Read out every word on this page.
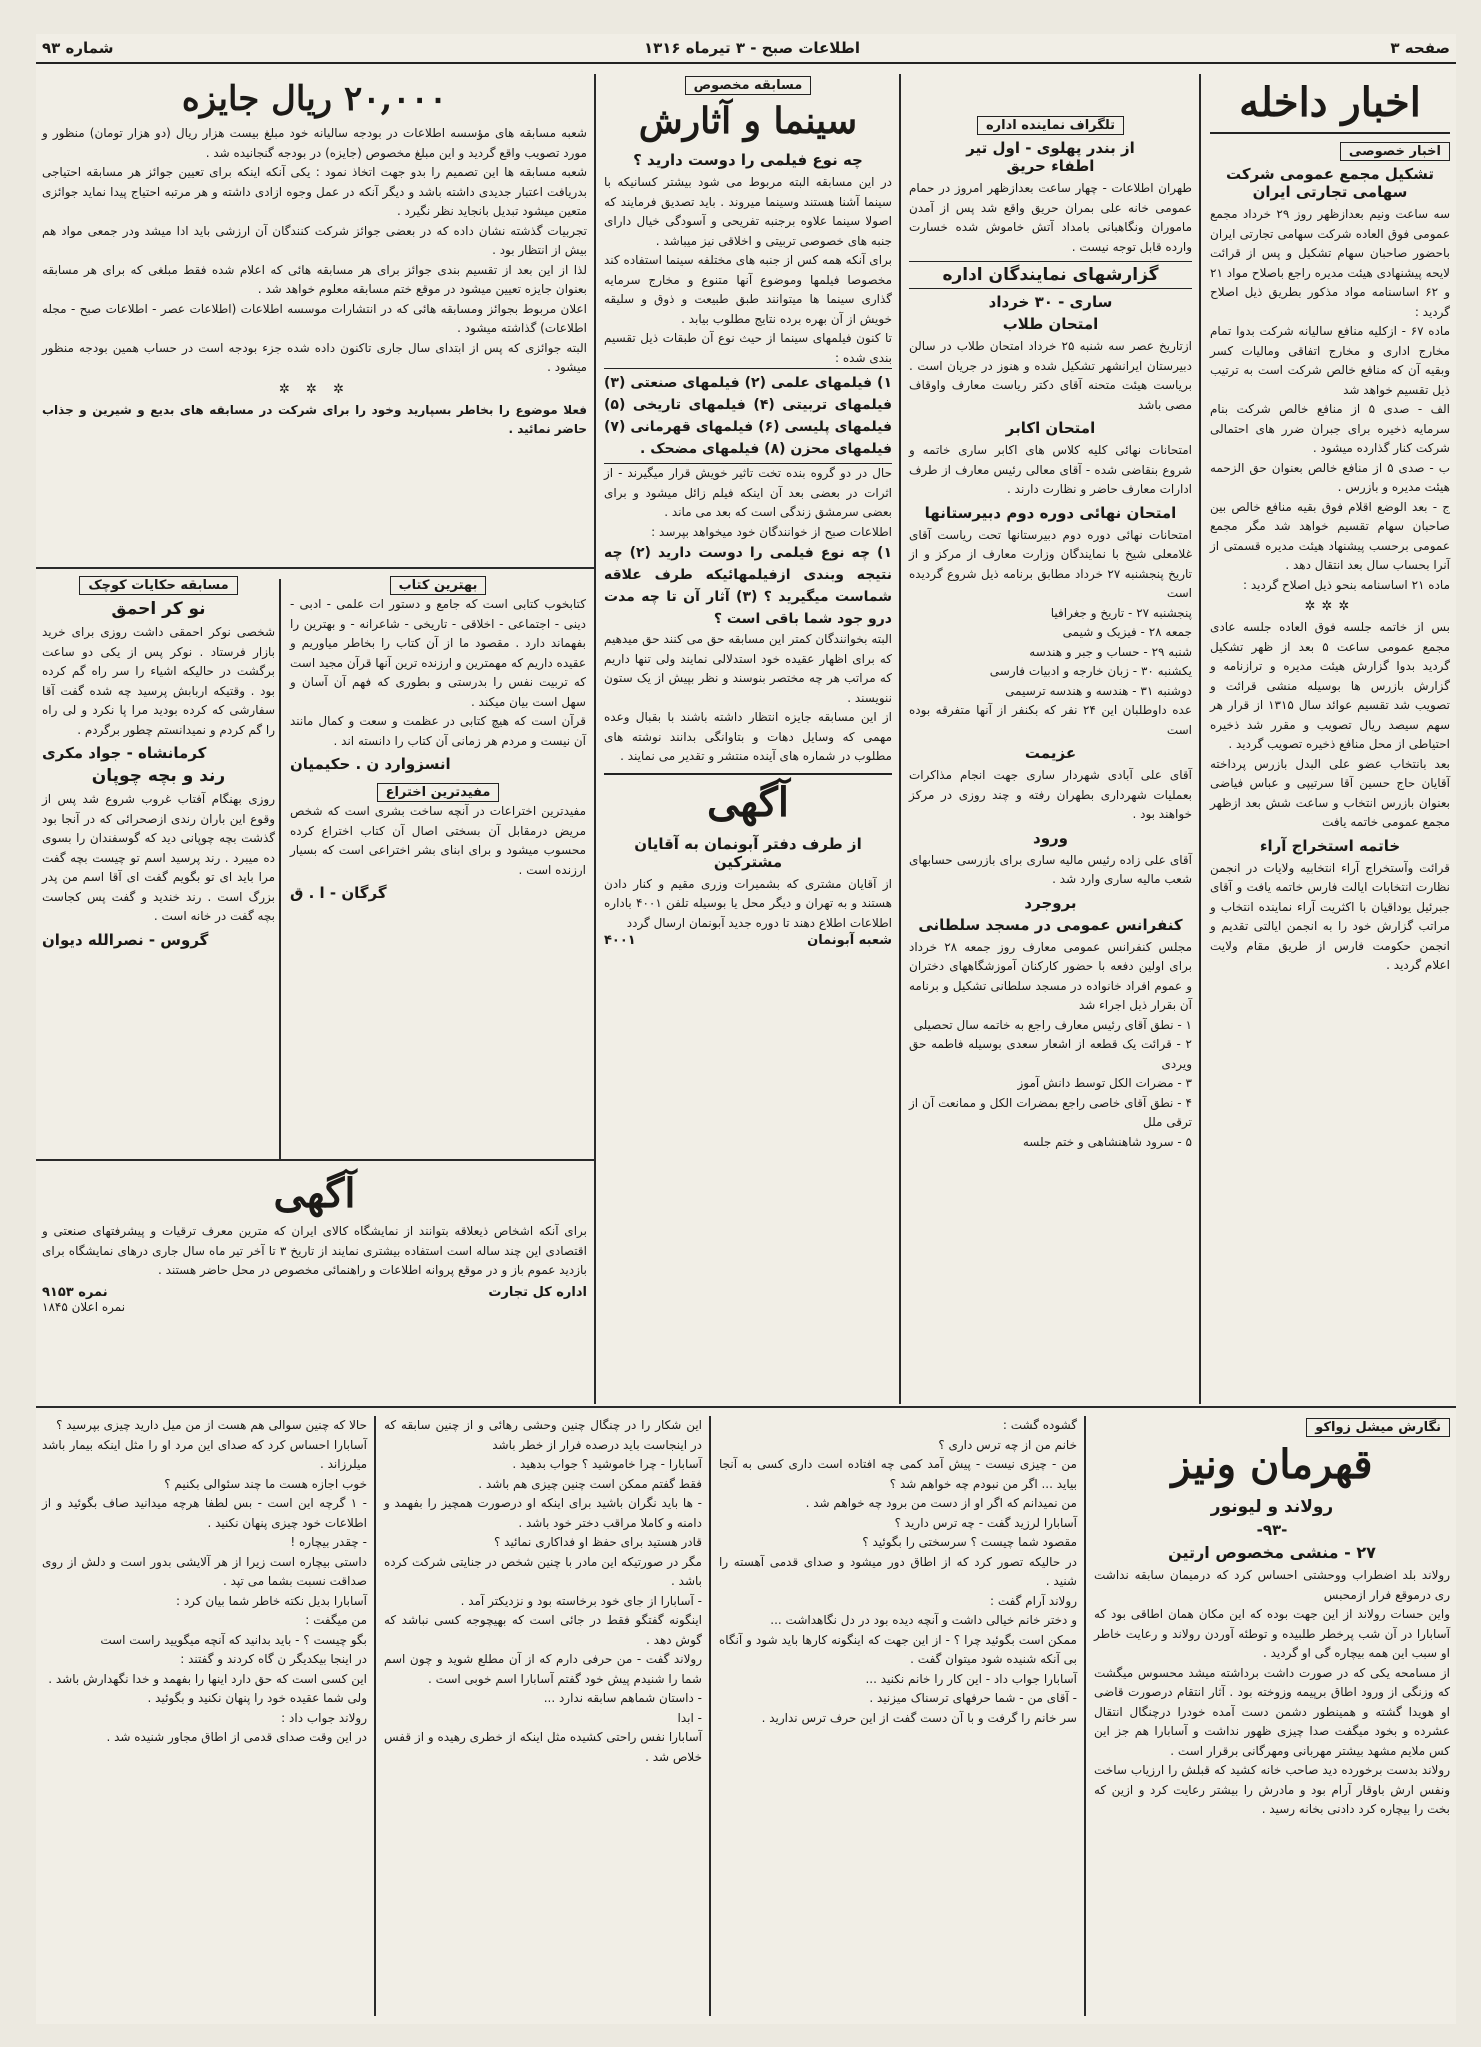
صفحه ۳
اطلاعات صبح - ۳ تیرماه ۱۳۱۶
شماره ۹۳
اخبار داخله
اخبار خصوصی
تشکیل مجمع عمومی شرکت سهامی تجارتی ایران
سه ساعت ونیم بعدازظهر روز ۲۹ خرداد مجمع عمومی فوق العاده شرکت سهامی تجارتی ایران باحضور صاحبان سهام تشکیل و پس از قرائت لایحه پیشنهادی هیئت مدیره راجع باصلاح مواد ۲۱ و ۶۲ اساسنامه مواد مذکور بطریق ذیل اصلاح گردید :
ماده ۶۷ - ازکلیه منافع سالیانه شرکت بدوا تمام مخارج اداری و مخارج اتفاقی ومالیات کسر وبقیه آن که منافع خالص شرکت است به ترتیب ذیل تقسیم خواهد شد
الف - صدی ۵ از منافع خالص شرکت بنام سرمایه ذخیره برای جبران ضرر های احتمالی شرکت کنار گذارده میشود .
ب - صدی ۵ از منافع خالص بعنوان حق الزحمه هیئت مدیره و بازرس .
ج - بعد الوضع اقلام فوق بقیه منافع خالص بین صاحبان سهام تقسیم خواهد شد مگر مجمع عمومی برحسب پیشنهاد هیئت مدیره قسمتی از آنرا بحساب سال بعد انتقال دهد .
ماده ۲۱ اساسنامه بنحو ذیل اصلاح گردید :
✲✲✲
بس از خاتمه جلسه فوق العاده جلسه عادی مجمع عمومی ساعت ۵ بعد از ظهر تشکیل گردید بدوا گزارش هیئت مدیره و ترازنامه و گزارش بازرس ها بوسیله منشی قرائت و تصویب شد تقسیم عوائد سال ۱۳۱۵ از قرار هر سهم سیصد ریال تصویب و مقرر شد ذخیره احتیاطی از محل منافع ذخیره تصویب گردید .
بعد بانتخاب عضو علی البدل بازرس پرداخته آقایان حاج حسین آقا سرتیپی و عباس فیاضی بعنوان بازرس انتخاب و ساعت شش بعد ازظهر مجمع عمومی خاتمه یافت
خاتمه استخراج آراء
قرائت وآستخراج آراء انتخابیه ولایات در انجمن نظارت انتخابات ایالت فارس خاتمه یافت و آقای جبرئیل یوداقیان با اکثریت آراء نماینده انتخاب و مراتب گزارش خود را به انجمن ایالتی تقدیم و انجمن حکومت فارس از طریق مقام ولایت اعلام گردید .
تلگراف نماینده اداره
از بندر پهلوی - اول تیر
اطفاء حریق
طهران اطلاعات - چهار ساعت بعدازظهر امروز در حمام عمومی خانه علی بمران حریق واقع شد پس از آمدن ماموران ونگاهبانی بامداد آتش خاموش شده خسارت وارده قابل توجه نیست .
گزارشهای نمایندگان اداره
ساری - ۳۰ خرداد
امتحان طلاب
ازتاریخ عصر سه شنبه ۲۵ خرداد امتحان طلاب در سالن دبیرستان ایرانشهر تشکیل شده و هنوز در جریان است . بریاست هیئت متحنه آقای دکتر ریاست معارف واوقاف مصی باشد
امتحان اکابر
امتحانات نهائی کلیه کلاس های اکابر ساری خاتمه و شروع بنقاضی شده - آقای معالی رئیس معارف از طرف ادارات معارف حاضر و نظارت دارند .
امتحان نهائی دوره دوم دبیرستانها
امتحانات نهائی دوره دوم دبیرستانها تحت ریاست آقای غلامعلی شیخ با نمایندگان وزارت معارف از مرکز و از تاریخ پنجشنبه ۲۷ خرداد مطابق برنامه ذیل شروع گردیده است
پنجشنبه ۲۷ - تاریخ و جغرافیا
جمعه ۲۸ - فیزیک و شیمی
شنبه ۲۹ - حساب و جبر و هندسه
یکشنبه ۳۰ - زبان خارجه و ادبیات فارسی
دوشنبه ۳۱ - هندسه و هندسه ترسیمی
عده داوطلبان این ۲۴ نفر که بکنفر از آنها متفرقه بوده است
عزیمت
آقای علی آبادی شهردار ساری جهت انجام مذاکرات بعملیات شهرداری بطهران رفته و چند روزی در مرکز خواهند بود .
ورود
آقای علی زاده رئیس مالیه ساری برای بازرسی حسابهای شعب مالیه ساری وارد شد .
بروجرد
کنفرانس عمومی در مسجد سلطانی
مجلس کنفرانس عمومی معارف روز جمعه ۲۸ خرداد برای اولین دفعه با حضور کارکنان آموزشگاههای دختران و عموم افراد خانواده در مسجد سلطانی تشکیل و برنامه آن بقرار ذیل اجراء شد
۱ - نطق آقای رئیس معارف راجع به خاتمه سال تحصیلی
۲ - قرائت یک قطعه از اشعار سعدی بوسیله فاطمه حق ویردی
۳ - مضرات الکل توسط دانش آموز
۴ - نطق آقای خاصی راجع بمضرات الکل و ممانعت آن از ترقی ملل
۵ - سرود شاهنشاهی و ختم جلسه
مسابقه مخصوص
سینما و آثارش
چه نوع فیلمی را دوست دارید ؟
در این مسابقه البته مربوط می شود بیشتر کسانیکه با سینما آشنا هستند وسینما میروند . باید تصدیق فرمایند که اصولا سینما علاوه برجنبه تفریحی و آسودگی خیال دارای جنبه های خصوصی تربیتی و اخلاقی نیز میباشد .
برای آنکه همه کس از جنبه های مختلفه سینما استفاده کند مخصوصا فیلمها وموضوع آنها متنوع و مخارج سرمایه گذاری سینما ها میتوانند طبق طبیعت و ذوق و سلیقه خویش از آن بهره برده نتایج مطلوب بیابد .
تا کنون فیلمهای سینما از حیث نوع آن طبقات ذیل تقسیم بندی شده :
۱) فیلمهای علمی (۲) فیلمهای صنعتی (۳) فیلمهای تربیتی (۴) فیلمهای تاریخی (۵) فیلمهای پلیسی (۶) فیلمهای قهرمانی (۷) فیلمهای محزن (۸) فیلمهای مضحک .
حال در دو گروه بنده تخت تاثیر خویش قرار میگیرند - از اثرات در بعضی بعد آن اینکه فیلم زائل میشود و برای بعضی سرمشق زندگی است که بعد می ماند .
اطلاعات صبح از خوانندگان خود میخواهد بپرسد :
۱) چه نوع فیلمی را دوست دارید (۲) چه نتیجه وبندی ازفیلمهائیکه طرف علاقه شماست میگیرید ؟ (۳) آثار آن تا چه مدت درو جود شما باقی است ؟
البته بخوانندگان کمتر این مسابقه حق می کنند حق میدهیم که برای اظهار عقیده خود استدلالی نمایند ولی تنها داریم که مراتب هر چه مختصر بنوسند و نظر بپیش از یک ستون ننویسند .
از این مسابقه جایزه انتظار داشته باشند با بقبال وعده مهمی که وسایل دهات و بتاوانگی بدانند نوشته های مطلوب در شماره های آینده منتشر و تقدیر می نمایند .
آگهی
از طرف دفتر آبونمان به آقایان مشترکین
از آقایان مشتری که بشمیرات وزری مقیم و کنار دادن هستند و به تهران و دیگر محل یا بوسیله تلفن ۴۰۰۱ باداره اطلاعات اطلاع دهند تا دوره جدید آبونمان ارسال گردد
شعبه آبونمان
۴۰۰۱
۲۰,۰۰۰ ریال جایزه
شعبه مسابقه های مؤسسه اطلاعات در بودجه سالیانه خود مبلغ بیست هزار ریال (دو هزار تومان) منظور و مورد تصویب واقع گردید و این مبلغ مخصوص (جایزه) در بودجه گنجانیده شد .
شعبه مسابقه ها این تصمیم را بدو جهت اتخاذ نمود : یکی آنکه اینکه برای تعیین جوائز هر مسابقه احتیاجی بدریافت اعتبار جدیدی داشته باشد و دیگر آنکه در عمل وجوه ازادی داشته و هر مرتبه احتیاج پیدا نماید جوائزی متعین میشود تبدیل بانجاید نظر نگیرد .
تجربیات گذشته نشان داده که در بعضی جوائز شرکت کنندگان آن ارزشی باید ادا میشد ودر جمعی مواد هم بیش از انتظار بود .
لذا از این بعد از تقسیم بندی جوائز برای هر مسابقه هائی که اعلام شده فقط مبلغی که برای هر مسابقه بعنوان جایزه تعیین میشود در موقع ختم مسابقه معلوم خواهد شد .
اعلان مربوط بجوائز ومسابقه هائی که در انتشارات موسسه اطلاعات (اطلاعات عصر - اطلاعات صبح - مجله اطلاعات) گذاشته میشود .
البته جوائزی که پس از ابتدای سال جاری تاکنون داده شده جزء بودجه است در حساب همین بودجه منظور میشود .
✲ ✲ ✲
فعلا موضوع را بخاطر بسپارید وخود را برای شرکت در مسابقه های بدیع و شیرین و جذاب حاضر نمائید .
مسابقه حکایات کوچک
نو کر احمق
شخصی نوکر احمقی داشت روزی برای خرید بازار فرستاد . نوکر پس از یکی دو ساعت برگشت در حالیکه اشیاء را سر راه گم کرده بود . وقتیکه اربابش پرسید چه شده گفت آقا سفارشی که کرده بودید مرا پا نکرد و لی راه را گم کردم و نمیدانستم چطور برگردم .
کرمانشاه - جواد مکری
رند و بچه چوپان
روزی بهنگام آفتاب غروب شروع شد پس از وقوع این باران رندی ازصحرائی که در آنجا بود گذشت بچه چوپانی دید که گوسفندان را بسوی ده میبرد . رند پرسید اسم تو چیست بچه گفت مرا باید ای تو بگویم گفت ای آقا اسم من پدر بزرگ است . رند خندید و گفت پس کجاست بچه گفت در خانه است .
گروس - نصرالله دیوان
بهترین کتاب
کتابخوب کتابی است که جامع و دستور ات علمی - ادبی - دینی - اجتماعی - اخلاقی - تاریخی - شاعرانه - و بهترین را بفهماند دارد . مقصود ما از آن کتاب را بخاطر میاوریم و عقیده داریم که مهمترین و ارزنده ترین آنها قرآن مجید است که تربیت نفس را بدرستی و بطوری که فهم آن آسان و سهل است بیان میکند .
قرآن است که هیچ کتابی در عظمت و سعت و کمال مانند آن نیست و مردم هر زمانی آن کتاب را دانسته اند .
انسزوارد ن . حکیمیان
مفیدترین اختراع
مفیدترین اختراعات در آنچه ساخت بشری است که شخص مریض درمقابل آن بسختی اصال آن کتاب اختراع کرده محسوب میشود و برای ابنای بشر اختراعی است که بسیار ارزنده است .
گرگان - ا . ق
آگهی
برای آنکه اشخاص ذیعلاقه بتوانند از نمایشگاه کالای ایران که مترین معرف ترقیات و پیشرفتهای صنعتی و اقتصادی این چند ساله است استفاده بیشتری نمایند از تاریخ ۳ تا آخر تیر ماه سال جاری درهای نمایشگاه برای بازدید عموم باز و در موقع پروانه اطلاعات و راهنمائی مخصوص در محل حاضر هستند .
اداره کل تجارت
نمره ۹۱۵۳
نمره اعلان ۱۸۴۵
نگارش میشل زواکو
قهرمان ونیز
رولاند و لیونور
-۹۳-
۲۷ - منشی مخصوص ارتین
رولاند بلد اضطراب ووحشتی احساس کرد که درمیمان سابقه نداشت ری درموقع فرار ازمحبس
واین حسات رولاند از این جهت بوده که این مکان همان اطاقی بود که آسابارا در آن شب پرخطر طلبیده و توطئه آوردن رولاند و رعایت خاطر او سبب این همه بیچاره گی او گردید .
از مسامحه یکی که در صورت داشت برداشته میشد محسوس میگشت که وزنگی از ورود اطاق برپیمه وزوخته بود . آثار انتقام درصورت قاضی او هویدا گشته و همینطور دشمن دست آمده خودرا درچنگال انتقال عشرده و بخود میگفت صدا چیزی ظهور نداشت و آسابارا هم جز این کس ملایم مشهد بیشتر مهربانی ومهرگانی برقرار است .
رولاند بدست برخورده دید صاحب خانه کشید که قبلش را ارزیاب ساخت ونفس ارش باوقار آرام بود و مادرش را بیشتر رعایت کرد و ازین که بخت را بیچاره کرد دادنی بخانه رسید .
گشوده گشت :
خانم من از چه ترس داری ؟
من - چیزی نیست - پیش آمد کمی چه افتاده است داری کسی به آنجا بیاید ... اگر من نبودم چه خواهم شد ؟
من نمیدانم که اگر او از دست من برود چه خواهم شد .
آسابارا لرزید گفت - چه ترس دارید ؟
مقصود شما چیست ؟ سرسختی را بگوئید ؟
در حالیکه تصور کرد که از اطاق دور میشود و صدای قدمی آهسته را شنید .
رولاند آرام گفت :
و دختر خانم خیالی داشت و آنچه دیده بود در دل نگاهداشت ...
ممکن است بگوئید چرا ؟ - از این جهت که اینگونه کارها باید شود و آنگاه بی آنکه شنیده شود میتوان گفت .
آسابارا جواب داد - این کار را خانم نکنید ...
- آقای من - شما حرفهای ترسناک میزنید .
سر خانم را گرفت و با آن دست گفت از این حرف ترس ندارید .
این شکار را در چنگال چنین وحشی رهائی و از چنین سابقه که در اینجاست باید درصده فرار از خطر باشد
آسابارا - چرا خاموشید ؟ جواب بدهید .
فقط گفتم ممکن است چنین چیزی هم باشد .
- ها باید نگران باشید برای اینکه او درصورت همچیز را بفهمد و دامنه و کاملا مراقب دختر خود باشد .
قادر هستید برای حفظ او فداکاری نمائید ؟
مگر در صورتیکه این مادر با چنین شخص در جنایتی شرکت کرده باشد .
- آسابارا از جای خود برخاسته بود و نزدیکتر آمد .
اینگونه گفتگو فقط در جائی است که بهیچوجه کسی نباشد که گوش دهد .
رولاند گفت - من حرفی دارم که از آن مطلع شوید و چون اسم شما را شنیدم پیش خود گفتم آسابارا اسم خوبی است .
- داستان شماهم سابقه ندارد ...
- ابدا
آسابارا نفس راحتی کشیده مثل اینکه از خطری رهیده و از قفس خلاص شد .
حالا که چنین سوالی هم هست از من میل دارید چیزی بپرسید ؟
آسابارا احساس کرد که صدای این مرد او را مثل اینکه بیمار باشد میلرزاند .
خوب اجازه هست ما چند سئوالی بکنیم ؟
- ۱ گرچه این است - بس لطفا هرچه میدانید صاف بگوئید و از اطلاعات خود چیزی پنهان نکنید .
- چقدر بیچاره !
داستی بیچاره است زیرا از هر آلایشی بدور است و دلش از روی صداقت نسبت بشما می تپد .
آسابارا بدیل نکته خاطر شما بیان کرد :
من میگفت :
بگو چیست ؟ - باید بدانید که آنچه میگویید راست است
در اینجا بیکدیگر ن گاه کردند و گفتند :
این کسی است که حق دارد اینها را بفهمد و خدا نگهدارش باشد .
ولی شما عقیده خود را پنهان نکنید و بگوئید .
رولاند جواب داد :
در این وقت صدای قدمی از اطاق مجاور شنیده شد .
